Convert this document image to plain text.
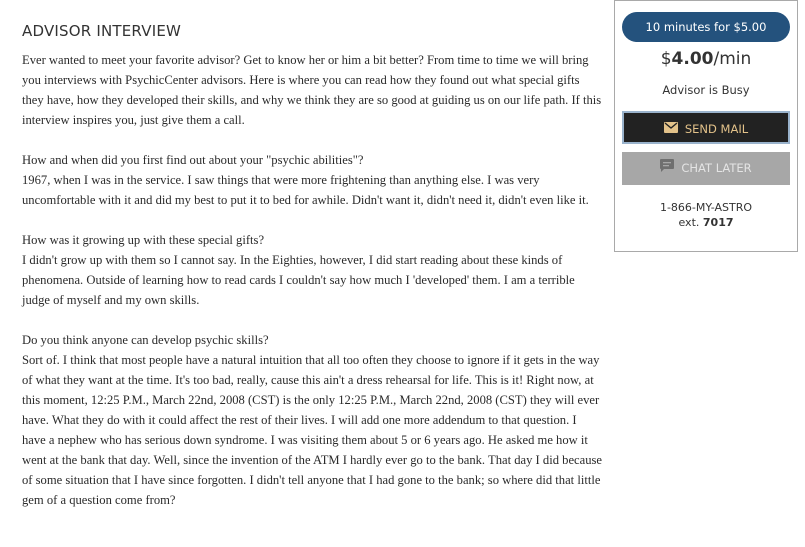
ADVISOR INTERVIEW

Ever wanted to meet your favorite advisor? Get to know her or him a bit better? From time to time we will bring you interviews with PsychicCenter advisors. Here is where you can read how they found out what special gifts they have, how they developed their skills, and why we think they are so good at guiding us on our life path. If this interview inspires you, just give them a call.

How and when did you first find out about your "psychic abilities"?
1967, when I was in the service. I saw things that were more frightening than anything else. I was very uncomfortable with it and did my best to put it to bed for awhile. Didn't want it, didn't need it, didn't even like it.

How was it growing up with these special gifts?
I didn't grow up with them so I cannot say. In the Eighties, however, I did start reading about these kinds of phenomena. Outside of learning how to read cards I couldn't say how much I 'developed' them. I am a terrible judge of myself and my own skills.

Do you think anyone can develop psychic skills?
Sort of. I think that most people have a natural intuition that all too often they choose to ignore if it gets in the way of what they want at the time. It's too bad, really, cause this ain't a dress rehearsal for life. This is it! Right now, at this moment, 12:25 P.M., March 22nd, 2008 (CST) is the only 12:25 P.M., March 22nd, 2008 (CST) they will ever have. What they do with it could affect the rest of their lives. I will add one more addendum to that question. I have a nephew who has serious down syndrome. I was visiting them about 5 or 6 years ago. He asked me how it went at the bank that day. Well, since the invention of the ATM I hardly ever go to the bank. That day I did because of some situation that I have since forgotten. I didn't tell anyone that I had gone to the bank; so where did that little gem of a question come from?

10 minutes for $5.00
$4.00/min
Advisor is Busy
SEND MAIL
CHAT LATER
1-866-MY-ASTRO
ext. 7017
